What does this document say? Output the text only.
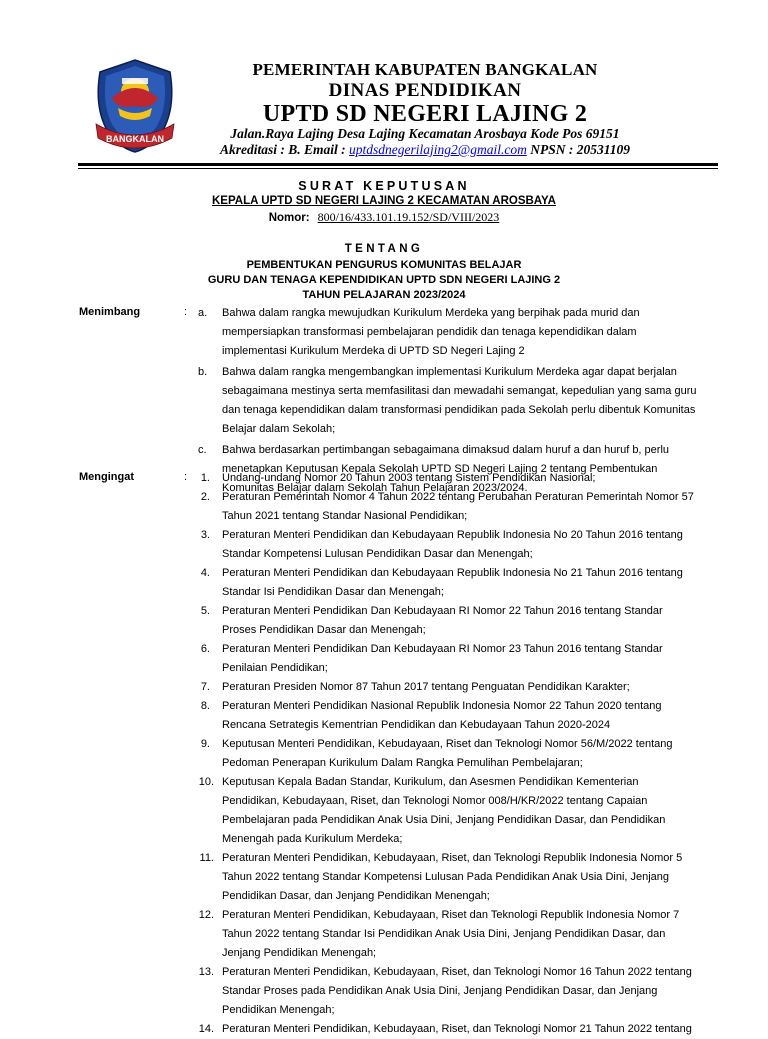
BANGKALAN
PEMERINTAH KABUPATEN BANGKALAN
DINAS PENDIDIKAN
UPTD SD NEGERI LAJING 2
Jalan.Raya Lajing Desa Lajing Kecamatan Arosbaya Kode Pos 69151
Akreditasi : B. Email : uptdsdnegerilajing2@gmail.com NPSN : 20531109
SURAT KEPUTUSAN
KEPALA UPTD SD NEGERI LAJING 2 KECAMATAN AROSBAYA
Nomor: 800/16/433.101.19.152/SD/VIII/2023
TENTANG
PEMBENTUKAN PENGURUS KOMUNITAS BELAJAR
GURU DAN TENAGA KEPENDIDIKAN UPTD SDN NEGERI LAJING 2
TAHUN PELAJARAN 2023/2024
Menimbang	: a. Bahwa dalam rangka mewujudkan Kurikulum Merdeka yang berpihak pada murid dan
mempersiapkan transformasi pembelajaran pendidik dan tenaga kependidikan dalam
implementasi Kurikulum Merdeka di UPTD SD Negeri Lajing 2
b. Bahwa dalam rangka mengembangkan implementasi Kurikulum Merdeka agar dapat berjalan
sebagaimana mestinya serta memfasilitasi dan mewadahi semangat, kepedulian yang sama guru
dan tenaga kependidikan dalam transformasi pendidikan pada Sekolah perlu dibentuk Komunitas
Belajar dalam Sekolah;
c. Bahwa berdasarkan pertimbangan sebagaimana dimaksud dalam huruf a dan huruf b, perlu
menetapkan Keputusan Kepala Sekolah UPTD SD Negeri Lajing 2 tentang Pembentukan
Komunitas Belajar dalam Sekolah Tahun Pelajaran 2023/2024.
Mengingat	:	1. Undang-undang Nomor 20 Tahun 2003 tentang Sistem Pendidikan Nasional;
2. Peraturan Pemerintah Nomor 4 Tahun 2022 tentang Perubahan Peraturan Pemerintah Nomor 57
Tahun 2021 tentang Standar Nasional Pendidikan;
3. Peraturan Menteri Pendidikan dan Kebudayaan Republik Indonesia No 20 Tahun 2016 tentang
Standar Kompetensi Lulusan Pendidikan Dasar dan Menengah;
4. Peraturan Menteri Pendidikan dan Kebudayaan Republik Indonesia No 21 Tahun 2016 tentang
Standar Isi Pendidikan Dasar dan Menengah;
5. Peraturan Menteri Pendidikan Dan Kebudayaan RI Nomor 22 Tahun 2016 tentang Standar
Proses Pendidikan Dasar dan Menengah;
6. Peraturan Menteri Pendidikan Dan Kebudayaan RI Nomor 23 Tahun 2016 tentang Standar
Penilaian Pendidikan;
7. Peraturan Presiden Nomor 87 Tahun 2017 tentang Penguatan Pendidikan Karakter;
8. Peraturan Menteri Pendidikan Nasional Republik Indonesia Nomor 22 Tahun 2020 tentang
Rencana Setrategis Kementrian Pendidikan dan Kebudayaan Tahun 2020-2024
9. Keputusan Menteri Pendidikan, Kebudayaan, Riset dan Teknologi Nomor 56/M/2022 tentang
Pedoman Penerapan Kurikulum Dalam Rangka Pemulihan Pembelajaran;
10. Keputusan Kepala Badan Standar, Kurikulum, dan Asesmen Pendidikan Kementerian
Pendidikan, Kebudayaan, Riset, dan Teknologi Nomor 008/H/KR/2022 tentang Capaian
Pembelajaran pada Pendidikan Anak Usia Dini, Jenjang Pendidikan Dasar, dan Pendidikan
Menengah pada Kurikulum Merdeka;
11. Peraturan Menteri Pendidikan, Kebudayaan, Riset, dan Teknologi Republik Indonesia Nomor 5
Tahun 2022 tentang Standar Kompetensi Lulusan Pada Pendidikan Anak Usia Dini, Jenjang
Pendidikan Dasar, dan Jenjang Pendidikan Menengah;
12. Peraturan Menteri Pendidikan, Kebudayaan, Riset dan Teknologi Republik Indonesia Nomor 7
Tahun 2022 tentang Standar Isi Pendidikan Anak Usia Dini, Jenjang Pendidikan Dasar, dan
Jenjang Pendidikan Menengah;
13. Peraturan Menteri Pendidikan, Kebudayaan, Riset, dan Teknologi Nomor 16 Tahun 2022 tentang
Standar Proses pada Pendidikan Anak Usia Dini, Jenjang Pendidikan Dasar, dan Jenjang
Pendidikan Menengah;
14. Peraturan Menteri Pendidikan, Kebudayaan, Riset, dan Teknologi Nomor 21 Tahun 2022 tentang
